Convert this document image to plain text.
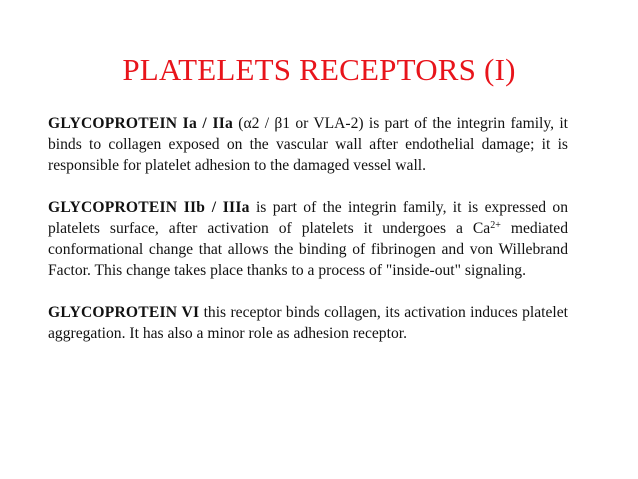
PLATELETS RECEPTORS (I)

GLYCOPROTEIN Ia / IIa (α2 / β1 or VLA-2) is part of the integrin family, it binds to collagen exposed on the vascular wall after endothelial damage; it is responsible for platelet adhesion to the damaged vessel wall.

GLYCOPROTEIN IIb / IIIa is part of the integrin family, it is expressed on platelets surface, after activation of platelets it undergoes a $Ca^{2+}$ mediated conformational change that allows the binding of fibrinogen and von Willebrand Factor. This change takes place thanks to a process of "inside-out" signaling.

GLYCOPROTEIN VI this receptor binds collagen, its activation induces platelet aggregation. It has also a minor role as adhesion receptor.
